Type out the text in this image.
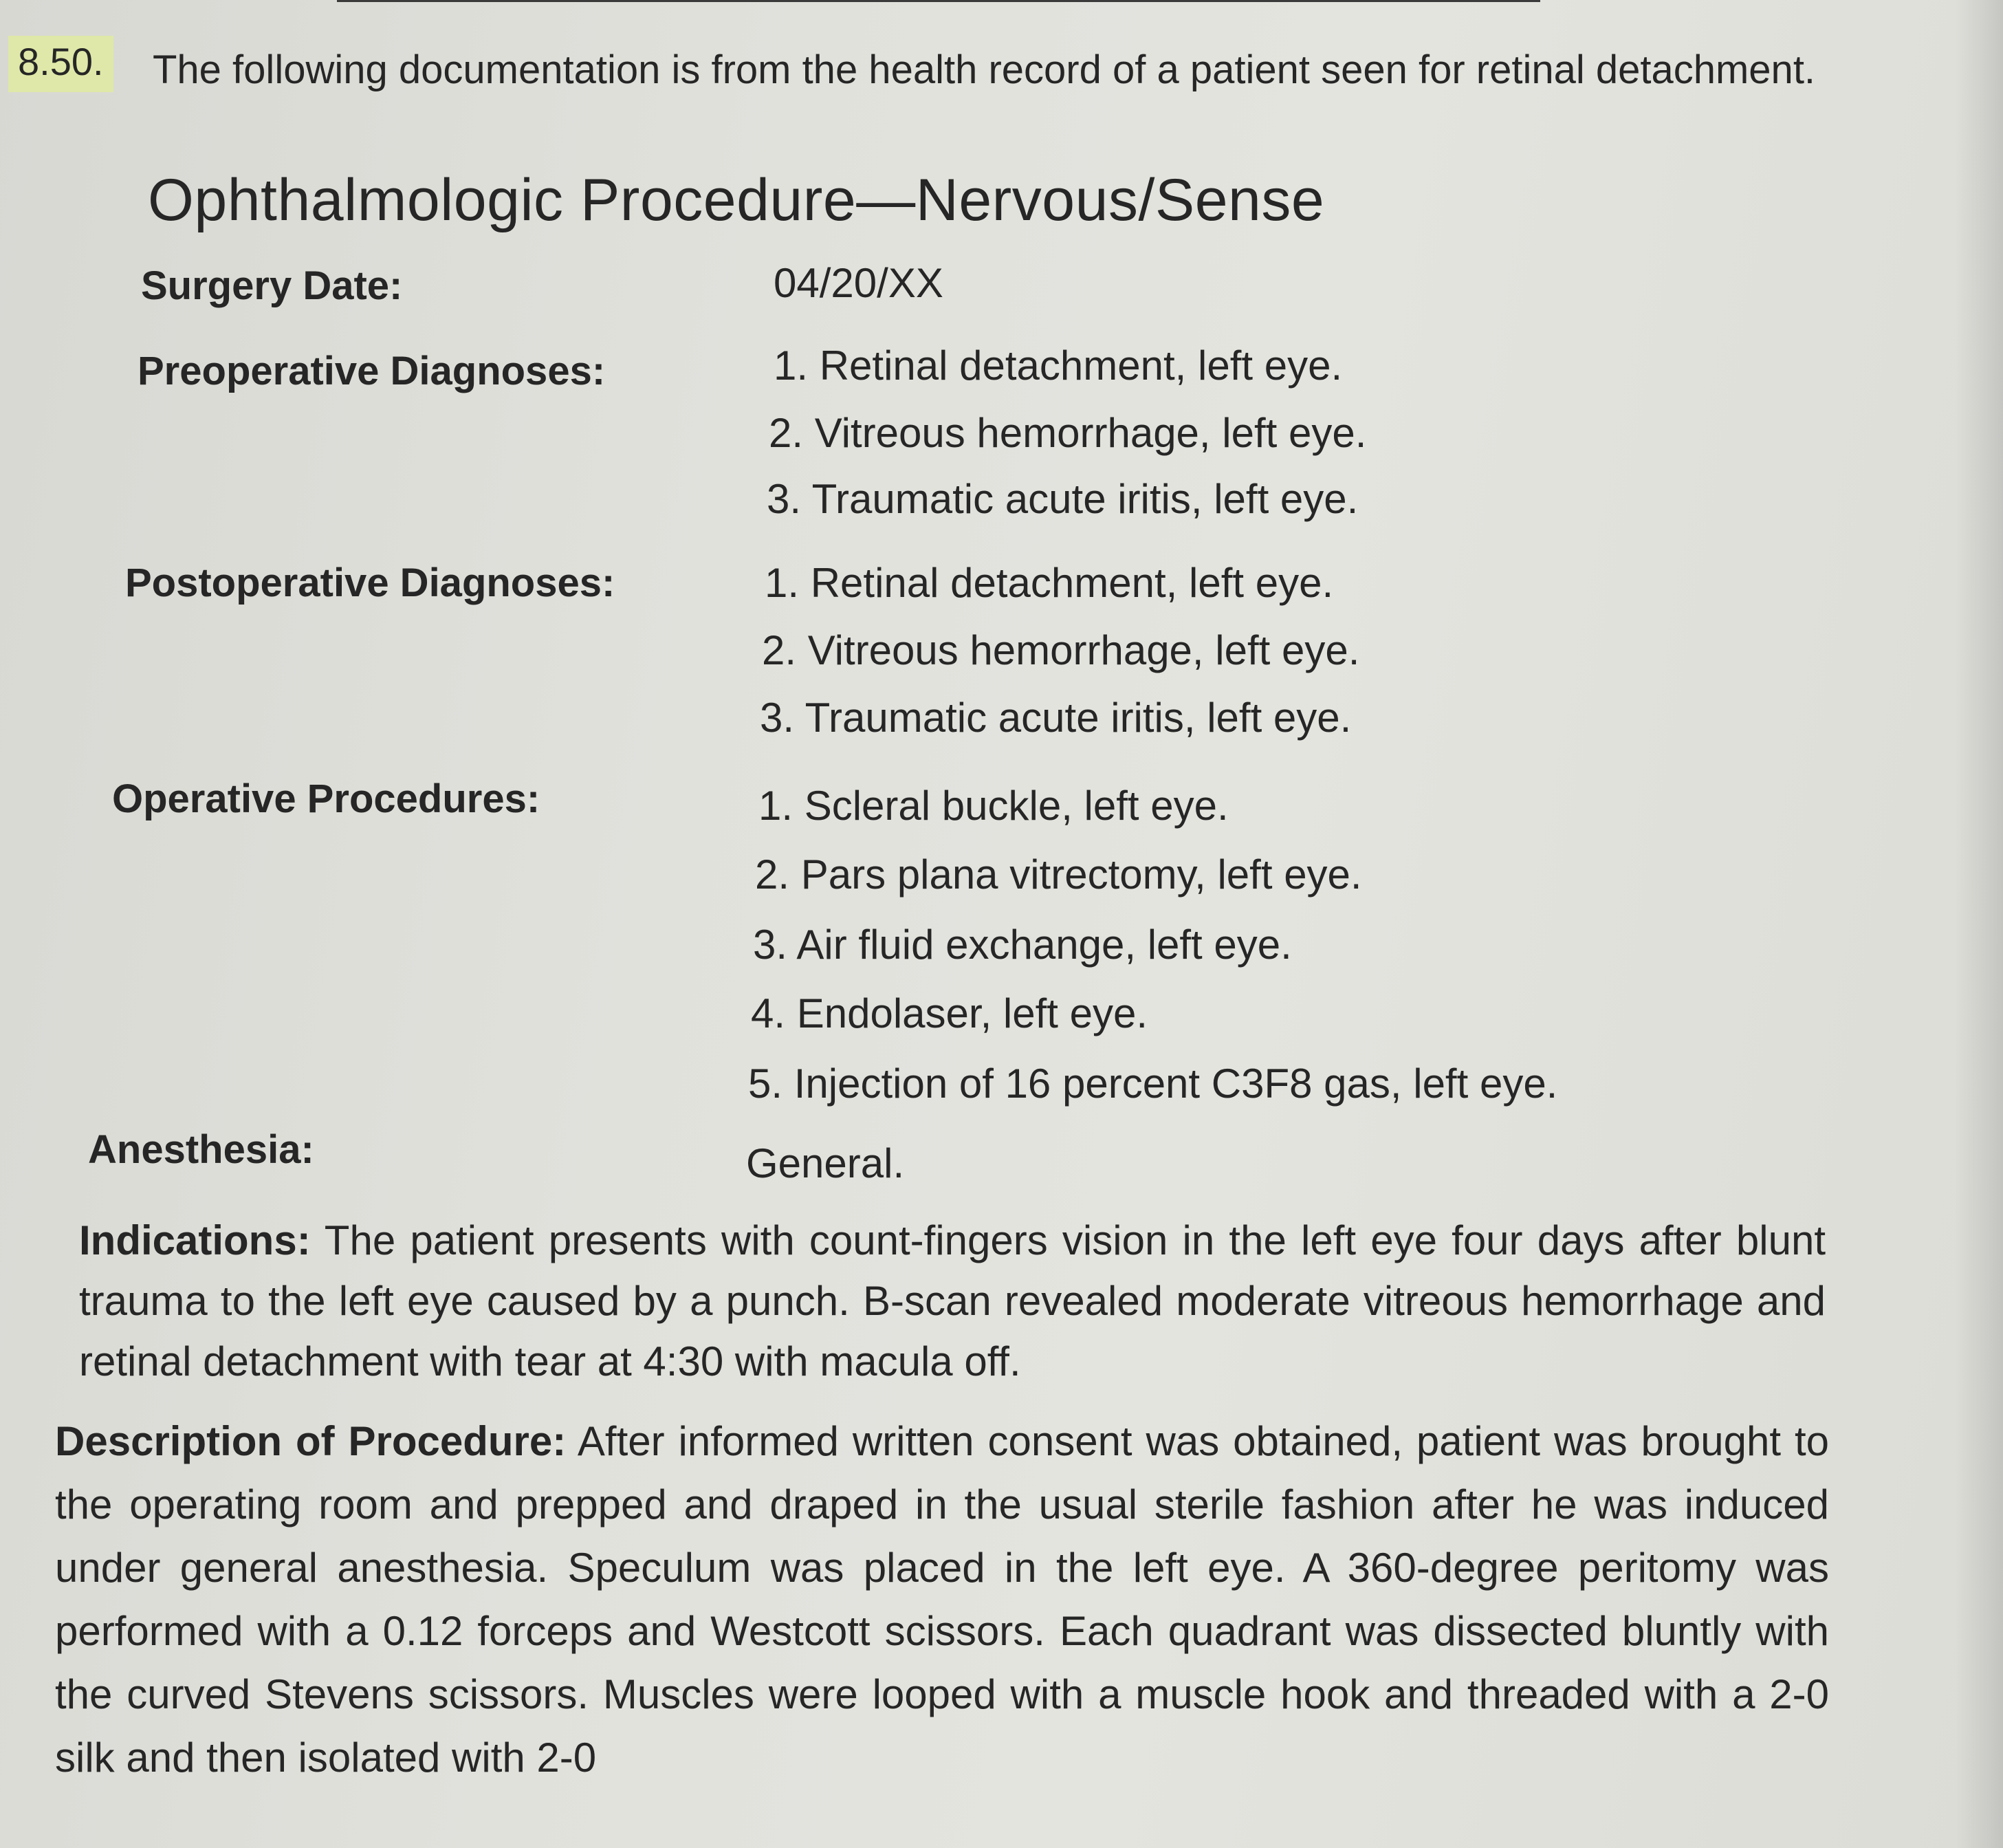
8.50. The following documentation is from the health record of a patient seen for retinal detachment.
Ophthalmologic Procedure—Nervous/Sense
Surgery Date:	04/20/XX
Preoperative Diagnoses:	1. Retinal detachment, left eye.
2. Vitreous hemorrhage, left eye.
3. Traumatic acute iritis, left eye.
Postoperative Diagnoses:	1. Retinal detachment, left eye.
2. Vitreous hemorrhage, left eye.
3. Traumatic acute iritis, left eye.
Operative Procedures:	1. Scleral buckle, left eye.
2. Pars plana vitrectomy, left eye.
3. Air fluid exchange, left eye.
4. Endolaser, left eye.
5. Injection of 16 percent C3F8 gas, left eye.
Anesthesia:	General.
Indications: The patient presents with count-fingers vision in the left eye four days after blunt trauma to the left eye caused by a punch. B-scan revealed moderate vitreous hemorrhage and retinal detachment with tear at 4:30 with macula off.
Description of Procedure: After informed written consent was obtained, patient was brought to the operating room and prepped and draped in the usual sterile fashion after he was induced under general anesthesia. Speculum was placed in the left eye. A 360-degree peritomy was performed with a 0.12 forceps and Westcott scissors. Each quadrant was dissected bluntly with the curved Stevens scissors. Muscles were looped with a muscle hook and threaded with a 2-0 silk and then isolated with 2-0
